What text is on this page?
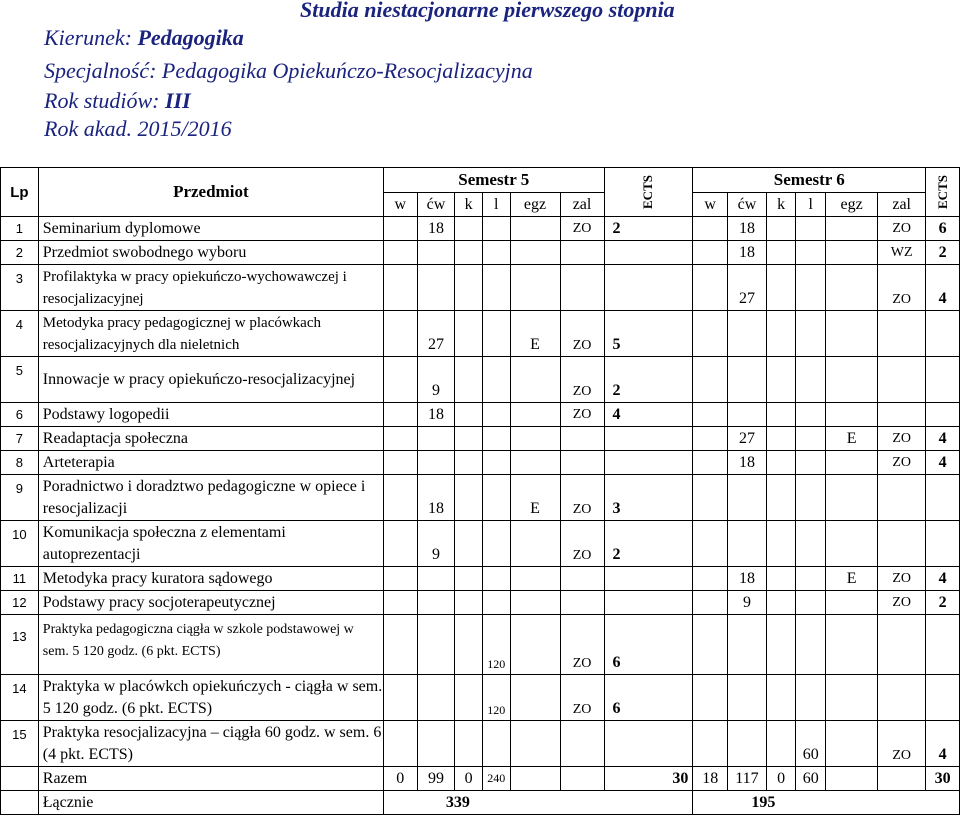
Studia niestacjonarne pierwszego stopnia
Kierunek: Pedagogika
Specjalność: Pedagogika Opiekuńczo-Resocjalizacyjna
Rok studiów: III
Rok akad. 2015/2016
Lp	Przedmiot	Semestr 5						ECTS	Semestr 6						ECTS
		w	ćw	k	l	egz	zal		w	ćw	k	l	egz	zal	
1	Seminarium dyplomowe		18				ZO	2		18				ZO	6
2	Przedmiot swobodnego wyboru									18				WZ	2
3	Profilaktyka w pracy opiekuńczo-wychowawczej i resocjalizacyjnej									27				ZO	4
4	Metodyka pracy pedagogicznej w placówkach resocjalizacyjnych dla nieletnich		27			E	ZO	5							
5	Innowacje w pracy opiekuńczo-resocjalizacyjnej		9				ZO	2							
6	Podstawy logopedii		18				ZO	4							
7	Readaptacja społeczna									27			E	ZO	4
8	Arteterapia									18				ZO	4
9	Poradnictwo i doradztwo pedagogiczne w opiece i resocjalizacji		18			E	ZO	3							
10	Komunikacja społeczna z elementami autoprezentacji		9				ZO	2							
11	Metodyka pracy kuratora sądowego									18			E	ZO	4
12	Podstawy pracy socjoterapeutycznej									9				ZO	2
13	Praktyka pedagogiczna ciągła w szkole podstawowej w sem. 5 120 godz. (6 pkt. ECTS)				120		ZO	6							
14	Praktyka w placówkch opiekuńczych - ciągła w sem. 5 120 godz. (6 pkt. ECTS)				120		ZO	6							
15	Praktyka resocjalizacyjna – ciągła 60 godz. w sem. 6 (4 pkt. ECTS)											60		ZO	4
	Razem	0	99	0	240			30	18	117	0	60			30
	Łącznie	339							195						
